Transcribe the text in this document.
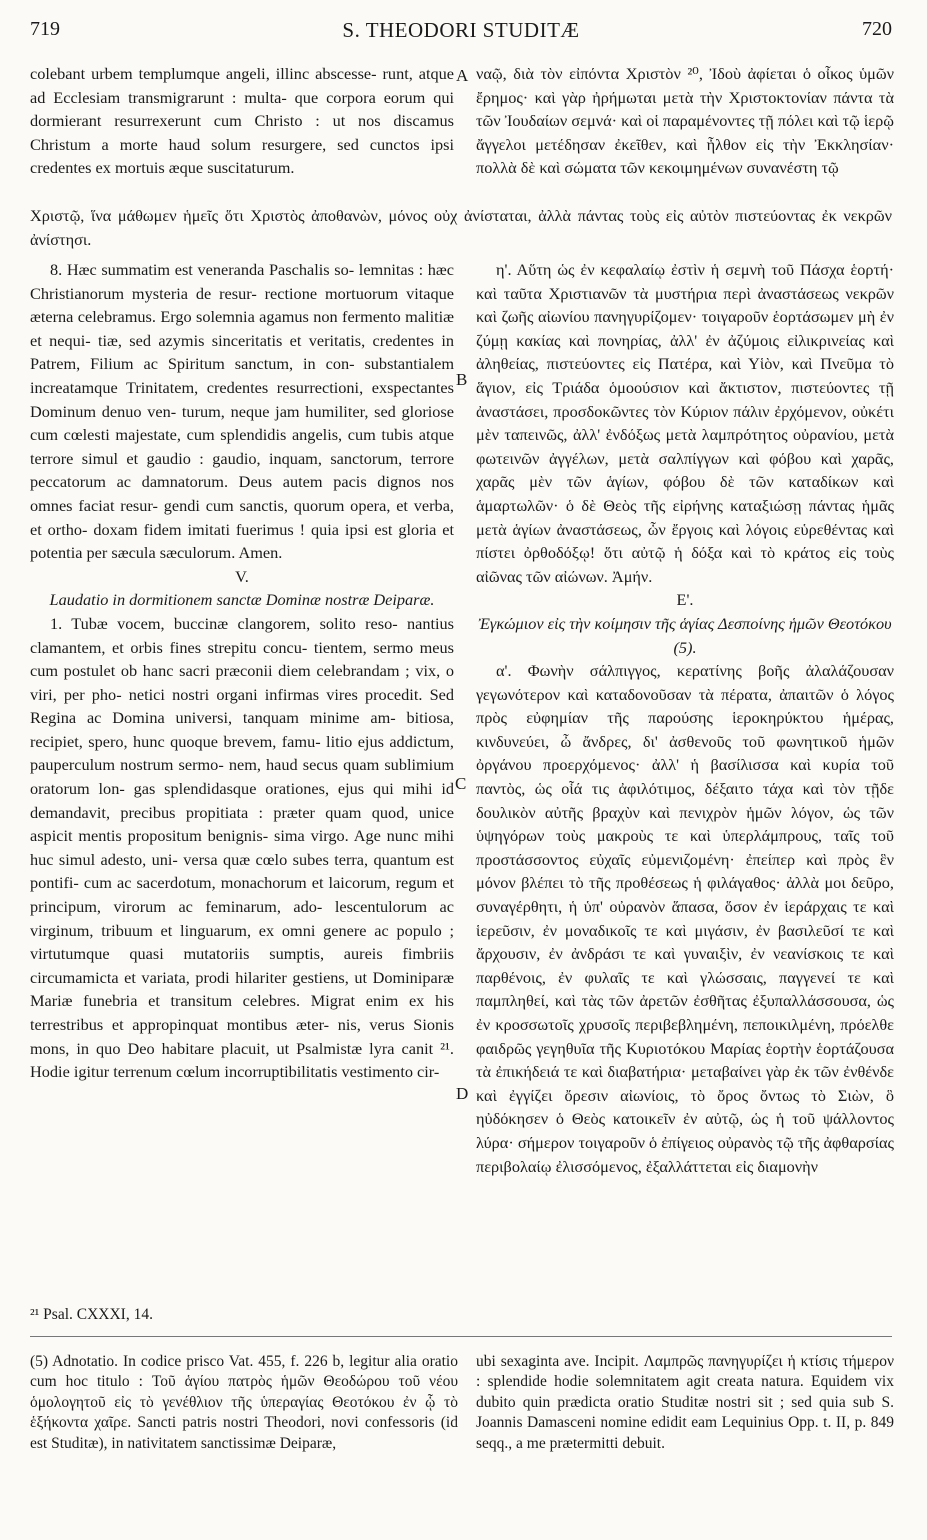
719	S. THEODORI STUDITÆ	720
A
B
C
D

colebant urbem templumque angeli, illinc abscesse- runt, atque ad Ecclesiam transmigrarunt : multa- que corpora eorum qui dormierant resurrexerunt cum Christo : ut nos discamus Christum a morte haud solum resurgere, sed cunctos ipsi credentes ex mortuis æque suscitaturum.

ναῷ, διὰ τὸν εἰπόντα Χριστὸν ²⁰, Ἰδοὺ ἀφίεται ὁ οἶκος ὑμῶν ἔρημος· καὶ γὰρ ἠρήμωται μετὰ τὴν Χριστοκτονίαν πάντα τὰ τῶν Ἰουδαίων σεμνά· καὶ οἱ παραμένοντες τῇ πόλει καὶ τῷ ἱερῷ ἄγγελοι μετέδησαν ἐκεῖθεν, καὶ ἦλθον εἰς τὴν Ἐκκλησίαν· πολλὰ δὲ καὶ σώματα τῶν κεκοιμημένων συνανέστη τῷ

Χριστῷ, ἵνα μάθωμεν ἡμεῖς ὅτι Χριστὸς ἀποθανὼν, μόνος οὐχ ἀνίσταται, ἀλλὰ πάντας τοὺς εἰς αὐτὸν πιστεύοντας ἐκ νεκρῶν ἀνίστησι.

8. Hæc summatim est veneranda Paschalis so- lemnitas : hæc Christianorum mysteria de resur- rectione mortuorum vitaque æterna celebramus. Ergo solemnia agamus non fermento malitiæ et nequi- tiæ, sed azymis sinceritatis et veritatis, credentes in Patrem, Filium ac Spiritum sanctum, in con- substantialem increatamque Trinitatem, credentes resurrectioni, exspectantes Dominum denuo ven- turum, neque jam humiliter, sed gloriose cum cœlesti majestate, cum splendidis angelis, cum tubis atque terrore simul et gaudio : gaudio, inquam, sanctorum, terrore peccatorum ac damnatorum. Deus autem pacis dignos nos omnes faciat resur- gendi cum sanctis, quorum opera, et verba, et ortho- doxam fidem imitati fuerimus ! quia ipsi est gloria et potentia per sæcula sæculorum. Amen.

V.

Laudatio in dormitionem sanctæ Dominæ nostræ Deiparæ.

1. Tubæ vocem, buccinæ clangorem, solito reso- nantius clamantem, et orbis fines strepitu concu- tientem, sermo meus cum postulet ob hanc sacri præconii diem celebrandam ; vix, o viri, per pho- netici nostri organi infirmas vires procedit. Sed Regina ac Domina universi, tanquam minime am- bitiosa, recipiet, spero, hunc quoque brevem, famu- litio ejus addictum, pauperculum nostrum sermo- nem, haud secus quam sublimium oratorum lon- gas splendidasque orationes, ejus qui mihi id demandavit, precibus propitiata : præter quam quod, unice aspicit mentis propositum benignis- sima virgo. Age nunc mihi huc simul adesto, uni- versa quæ cœlo subes terra, quantum est pontifi- cum ac sacerdotum, monachorum et laicorum, regum et principum, virorum ac feminarum, ado- lescentulorum ac virginum, tribuum et linguarum, ex omni genere ac populo ; virtutumque quasi mutatoriis sumptis, aureis fimbriis circumamicta et variata, prodi hilariter gestiens, ut Dominiparæ Mariæ funebria et transitum celebres. Migrat enim ex his terrestribus et appropinquat montibus æter- nis, verus Sionis mons, in quo Deo habitare placuit, ut Psalmistæ lyra canit ²¹. Hodie igitur terrenum cœlum incorruptibilitatis vestimento cir-

η'. Αὕτη ὡς ἐν κεφαλαίῳ ἐστὶν ἡ σεμνὴ τοῦ Πάσχα ἑορτή· καὶ ταῦτα Χριστιανῶν τὰ μυστήρια περὶ ἀναστάσεως νεκρῶν καὶ ζωῆς αἰωνίου πανηγυρίζομεν· τοιγαροῦν ἑορτάσωμεν μὴ ἐν ζύμῃ κακίας καὶ πονηρίας, ἀλλ' ἐν ἀζύμοις εἰλικρινείας καὶ ἀληθείας, πιστεύοντες εἰς Πατέρα, καὶ Υἱὸν, καὶ Πνεῦμα τὸ ἅγιον, εἰς Τριάδα ὁμοούσιον καὶ ἄκτιστον, πιστεύοντες τῇ ἀναστάσει, προσδοκῶντες τὸν Κύριον πάλιν ἐρχόμενον, οὐκέτι μὲν ταπεινῶς, ἀλλ' ἐνδόξως μετὰ λαμπρότητος οὐρανίου, μετὰ φωτεινῶν ἀγγέλων, μετὰ σαλπίγγων καὶ φόβου καὶ χαρᾶς, χαρᾶς μὲν τῶν ἁγίων, φόβου δὲ τῶν καταδίκων καὶ ἁμαρτωλῶν· ὁ δὲ Θεὸς τῆς εἰρήνης καταξιώσῃ πάντας ἡμᾶς μετὰ ἁγίων ἀναστάσεως, ὧν ἔργοις καὶ λόγοις εὑρεθέντας καὶ πίστει ὀρθοδόξῳ! ὅτι αὐτῷ ἡ δόξα καὶ τὸ κράτος εἰς τοὺς αἰῶνας τῶν αἰώνων. Ἀμήν.

Ε'.

Ἐγκώμιον εἰς τὴν κοίμησιν τῆς ἁγίας Δεσποίνης ἡμῶν Θεοτόκου (5).

α'. Φωνὴν σάλπιγγος, κερατίνης βοῆς ἀλαλάζουσαν γεγωνότερον καὶ καταδονοῦσαν τὰ πέρατα, ἀπαιτῶν ὁ λόγος πρὸς εὐφημίαν τῆς παρούσης ἱεροκηρύκτου ἡμέρας, κινδυνεύει, ὦ ἄνδρες, δι' ἀσθενοῦς τοῦ φωνητικοῦ ἡμῶν ὀργάνου προερχόμενος· ἀλλ' ἡ βασίλισσα καὶ κυρία τοῦ παντὸς, ὡς οἷά τις ἀφιλότιμος, δέξαιτο τάχα καὶ τὸν τῇδε δουλικὸν αὐτῆς βραχὺν καὶ πενιχρὸν ἡμῶν λόγον, ὡς τῶν ὑψηγόρων τοὺς μακροὺς τε καὶ ὑπερλάμπρους, ταῖς τοῦ προστάσσοντος εὐχαῖς εὐμενιζομένη· ἐπείπερ καὶ πρὸς ἓν μόνον βλέπει τὸ τῆς προθέσεως ἡ φιλάγαθος· ἀλλὰ μοι δεῦρο, συναγέρθητι, ἡ ὑπ' οὐρανὸν ἅπασα, ὅσον ἐν ἱεράρχαις τε καὶ ἱερεῦσιν, ἐν μοναδικοῖς τε καὶ μιγάσιν, ἐν βασιλεῦσί τε καὶ ἄρχουσιν, ἐν ἀνδράσι τε καὶ γυναιξὶν, ἐν νεανίσκοις τε καὶ παρθένοις, ἐν φυλαῖς τε καὶ γλώσσαις, παγγενεί τε καὶ παμπληθεί, καὶ τὰς τῶν ἀρετῶν ἐσθῆτας ἐξυπαλλάσσουσα, ὡς ἐν κροσσωτοῖς χρυσοῖς περιβεβλημένη, πεποικιλμένη, πρόελθε φαιδρῶς γεγηθυῖα τῆς Κυριοτόκου Μαρίας ἑορτὴν ἑορτάζουσα τὰ ἐπικήδειά τε καὶ διαβατήρια· μεταβαίνει γὰρ ἐκ τῶν ἐνθένδε καὶ ἐγγίζει ὄρεσιν αἰωνίοις, τὸ ὄρος ὄντως τὸ Σιὼν, ὃ ηὐδόκησεν ὁ Θεὸς κατοικεῖν ἐν αὐτῷ, ὡς ἡ τοῦ ψάλλοντος λύρα· σήμερον τοιγαροῦν ὁ ἐπίγειος οὐρανὸς τῷ τῆς ἀφθαρσίας περιβολαίῳ ἐλισσόμενος, ἐξαλλάττεται εἰς διαμονὴν

²¹ Psal. CXXXI, 14.

(5) Adnotatio. In codice prisco Vat. 455, f. 226 b, legitur alia oratio cum hoc titulo : Τοῦ ἁγίου πατρὸς ἡμῶν Θεοδώρου τοῦ νέου ὁμολογητοῦ εἰς τὸ γενέθλιον τῆς ὑπεραγίας Θεοτόκου ἐν ᾧ τὸ ἑξήκοντα χαῖρε. Sancti patris nostri Theodori, novi confessoris (id est Studitæ), in nativitatem sanctissimæ Deiparæ,

ubi sexaginta ave. Incipit. Λαμπρῶς πανηγυρίζει ἡ κτίσις τήμερον : splendide hodie solemnitatem agit creata natura. Equidem vix dubito quin prædicta oratio Studitæ nostri sit ; sed quia sub S. Joannis Damasceni nomine edidit eam Lequinius Opp. t. II, p. 849 seqq., a me prætermitti debuit.
